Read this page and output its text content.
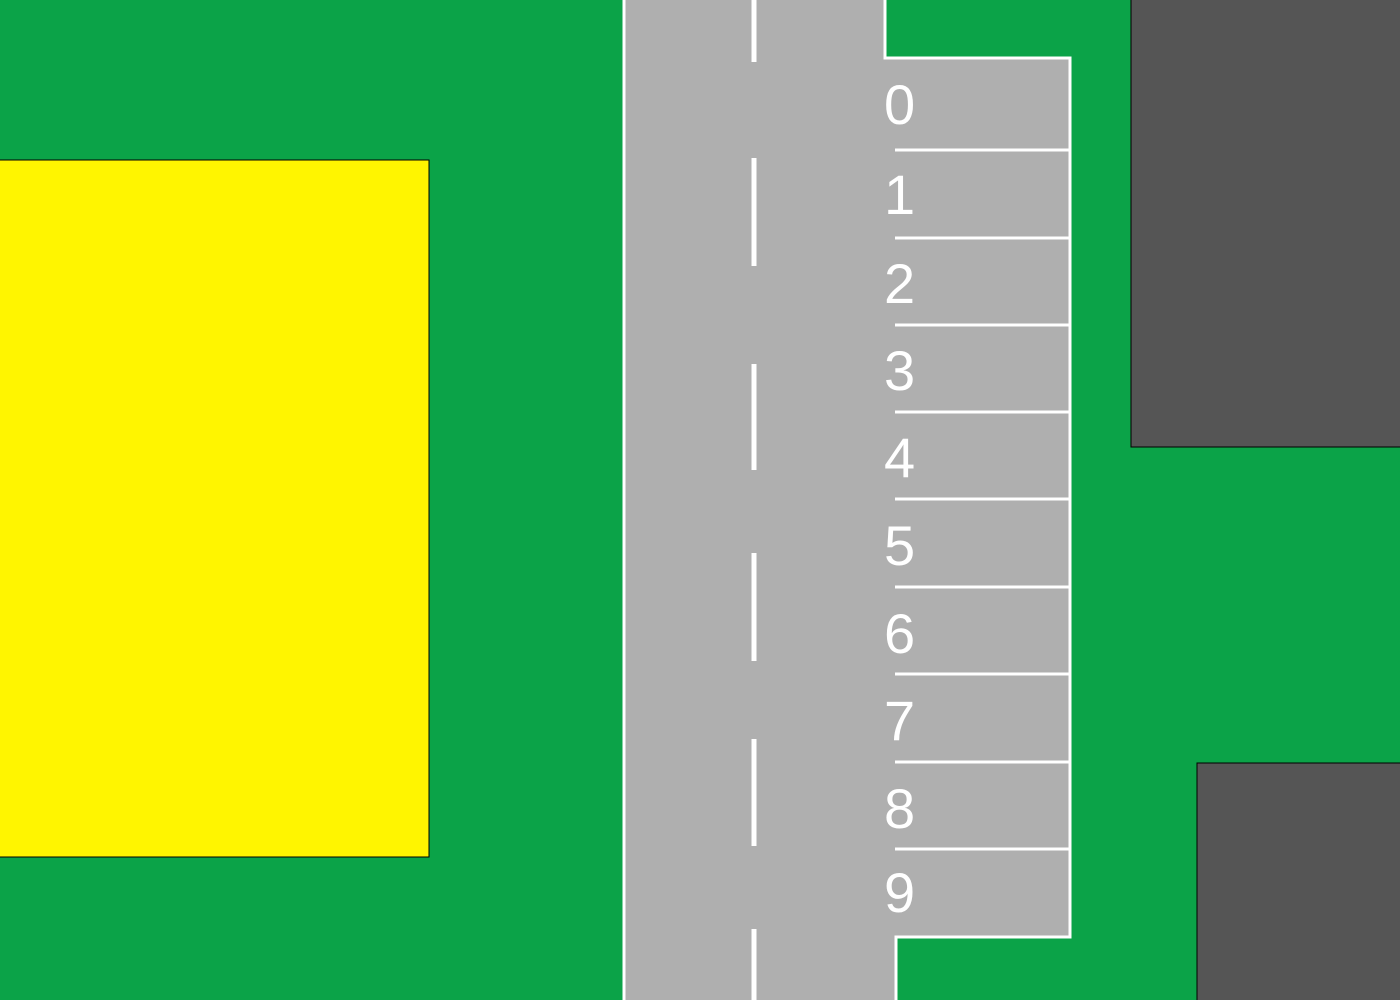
0
1
2
3
4
5
6
7
8
9
